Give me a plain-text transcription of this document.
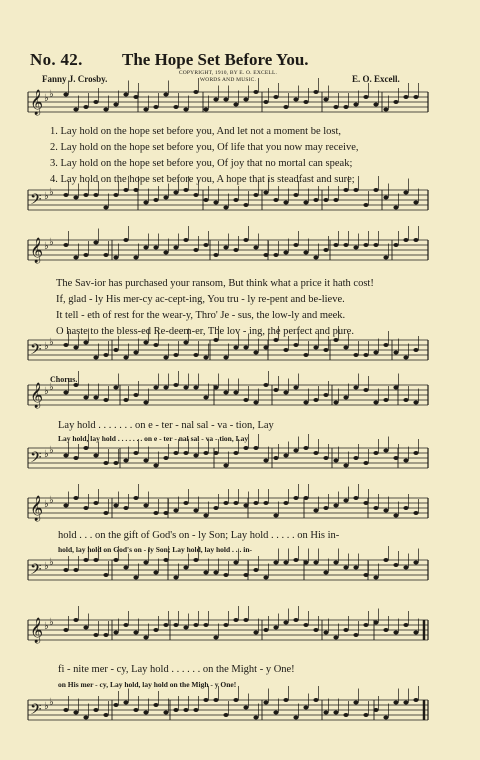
No. 42. The Hope Set Before You.
Fanny J. Crosby.
COPYRIGHT, 1910, BY E. O. EXCELL.
WORDS AND MUSIC.	E. O. Excell.
𝄞 ♭ ♭
𝄢 ♭ ♭
𝄞 ♭ ♭
𝄢 ♭ ♭
𝄞 ♭ ♭
𝄢 ♭ ♭
𝄞 ♭ ♭
𝄢 ♭ ♭
𝄞 ♭ ♭
𝄢 ♭ ♭
1. Lay hold on the hope set before you, And let not a moment be lost,
2. Lay hold on the hope set before you, Of life that you now may receive,
3. Lay hold on the hope set before you, Of joy that no mortal can speak;
4. Lay hold on the hope set before you, A hope that is steadfast and sure;
The Sav-ior has purchased your ransom, But think what a price it hath cost!
If, glad - ly His mer-cy ac-cept-ing, You tru - ly re-pent and be-lieve.
It tell - eth of rest for the wear-y, Thro' Je - sus, the low-ly and meek.
O haste to the bless-ed Re-deem-er, The lov - ing, the perfect and pure.
Chorus.
Lay hold . . . . . . . on e - ter - nal sal - va - tion, Lay
Lay hold, lay hold . . . . . . . on e - ter - nal sal - va - tion, Lay
hold . . . on the gift of God's on - ly Son; Lay hold . . . . . on His in-
hold, lay hold on God's on - ly Son; Lay hold, lay hold . . . in-
fi - nite mer - cy, Lay hold . . . . . . on the Might - y One!
on His mer - cy, Lay hold, lay hold on the Migh - y One!
